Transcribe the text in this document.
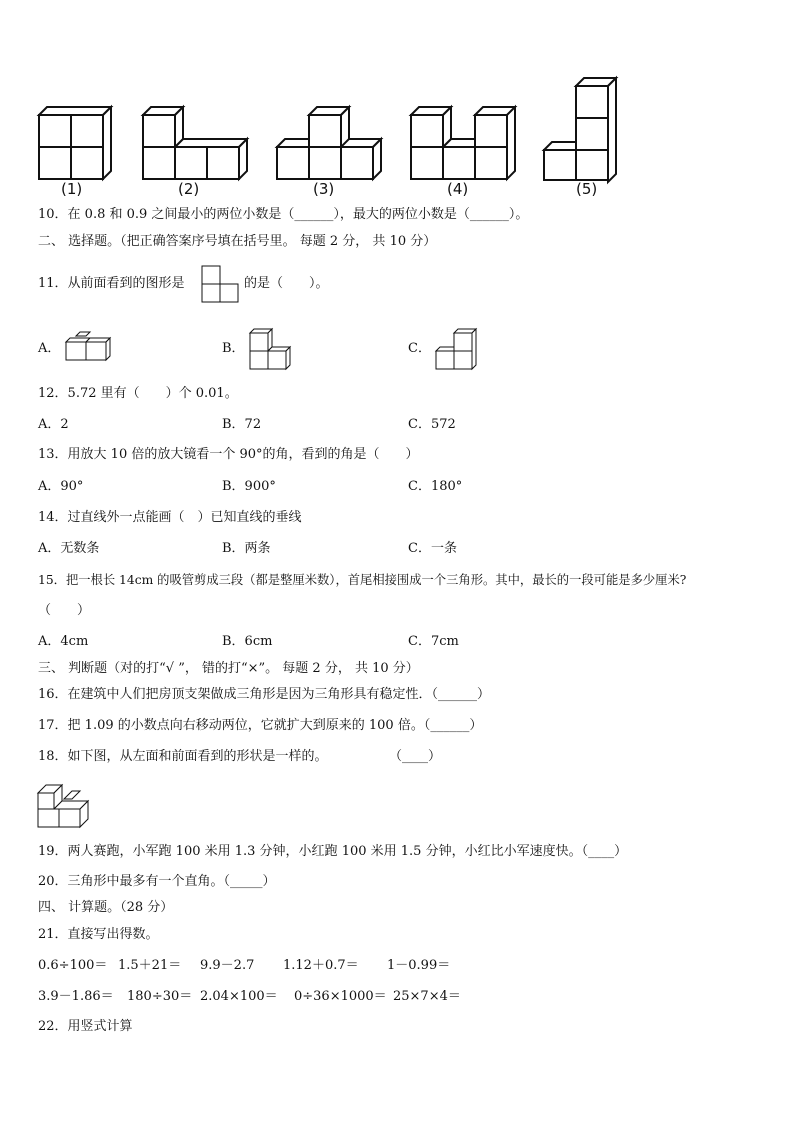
(1)	(2)	(3)	(4)	(5)
10．在 0.8 和 0.9 之间最小的两位小数是（______），最大的两位小数是（______）。
二、 选择题。（把正确答案序号填在括号里。 每题 2 分， 共 10 分）
11．从前面看到的图形是	的是（　　）。
A．	B．	C．
12．5.72 里有（　　）个 0.01。
A．2	B．72	C．572
13．用放大 10 倍的放大镜看一个 90°的角，看到的角是（　　）
A．90°	B．900°	C．180°
14．过直线外一点能画（　）已知直线的垂线
A．无数条	B．两条	C．一条
15．把一根长 14cm 的吸管剪成三段（都是整厘米数），首尾相接围成一个三角形。其中，最长的一段可能是多少厘米?
（　　）
A．4cm	B．6cm	C．7cm
三、 判断题（对的打“√ ”， 错的打“×”。 每题 2 分， 共 10 分）
16．在建筑中人们把房顶支架做成三角形是因为三角形具有稳定性．（______）
17．把 1.09 的小数点向右移动两位，它就扩大到原来的 100 倍。（______）
18．如下图，从左面和前面看到的形状是一样的。	（____）
19．两人赛跑，小军跑 100 米用 1.3 分钟，小红跑 100 米用 1.5 分钟，小红比小军速度快。（____）
20．三角形中最多有一个直角。（_____）
四、 计算题。（28 分）
21．直接写出得数。
0.6÷100＝ 1.5＋21＝ 9.9－2.7 1.12＋0.7＝ 1－0.99＝
3.9－1.86＝ 180÷30＝ 2.04×100＝ 0÷36×1000＝ 25×7×4＝
22．用竖式计算
